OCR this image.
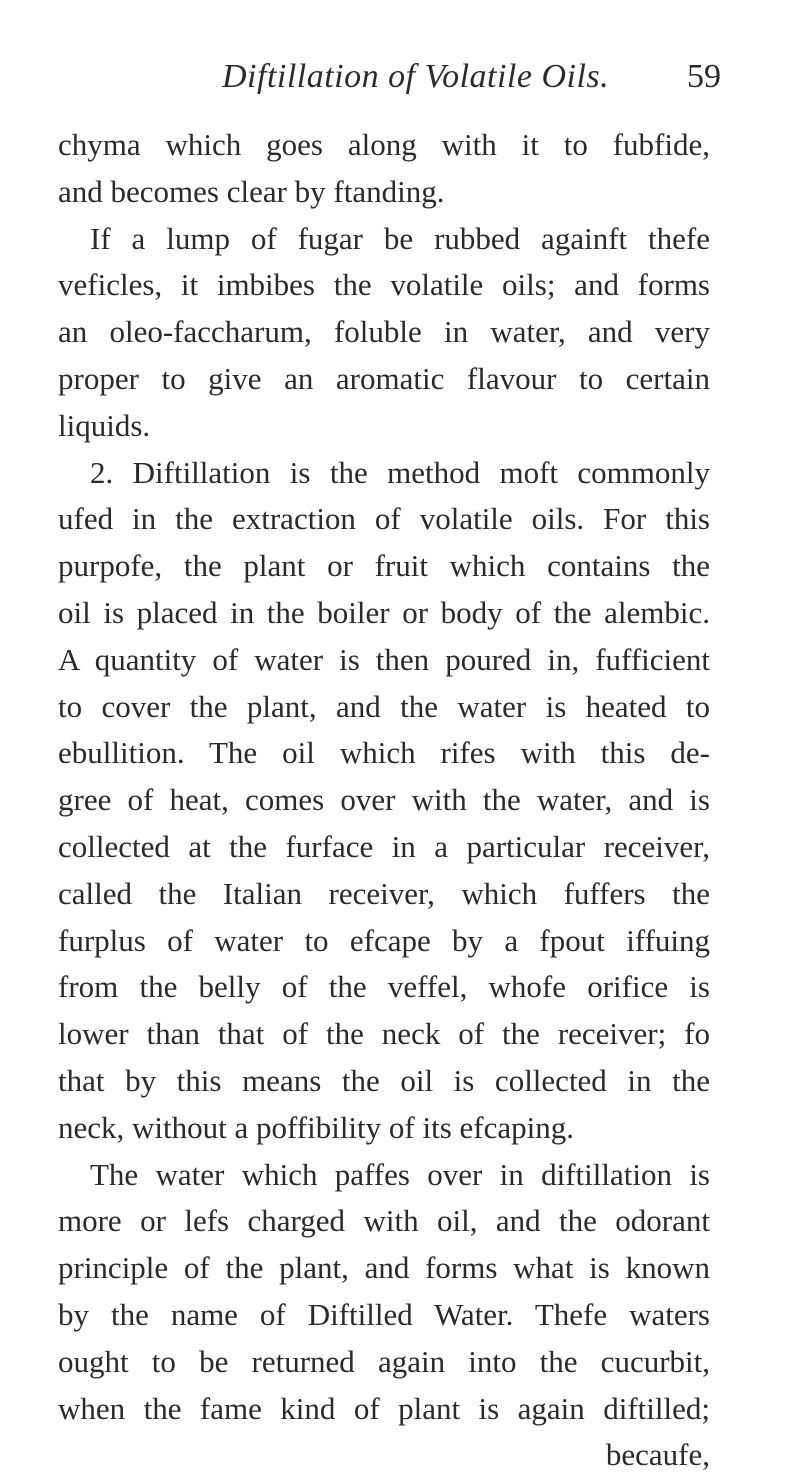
Diftillation of Volatile Oils. 59
chyma which goes along with it to fubfide,
and becomes clear by ftanding.
If a lump of fugar be rubbed againft thefe
veficles, it imbibes the volatile oils; and forms
an oleo-faccharum, foluble in water, and very
proper to give an aromatic flavour to certain
liquids.
2. Diftillation is the method moft commonly
ufed in the extraction of volatile oils. For this
purpofe, the plant or fruit which contains the
oil is placed in the boiler or body of the alembic.
A quantity of water is then poured in, fufficient
to cover the plant, and the water is heated to
ebullition. The oil which rifes with this de-
gree of heat, comes over with the water, and is
collected at the furface in a particular receiver,
called the Italian receiver, which fuffers the
furplus of water to efcape by a fpout iffuing
from the belly of the veffel, whofe orifice is
lower than that of the neck of the receiver; fo
that by this means the oil is collected in the
neck, without a poffibility of its efcaping.
The water which paffes over in diftillation is
more or lefs charged with oil, and the odorant
principle of the plant, and forms what is known
by the name of Diftilled Water. Thefe waters
ought to be returned again into the cucurbit,
when the fame kind of plant is again diftilled;
becaufe,
